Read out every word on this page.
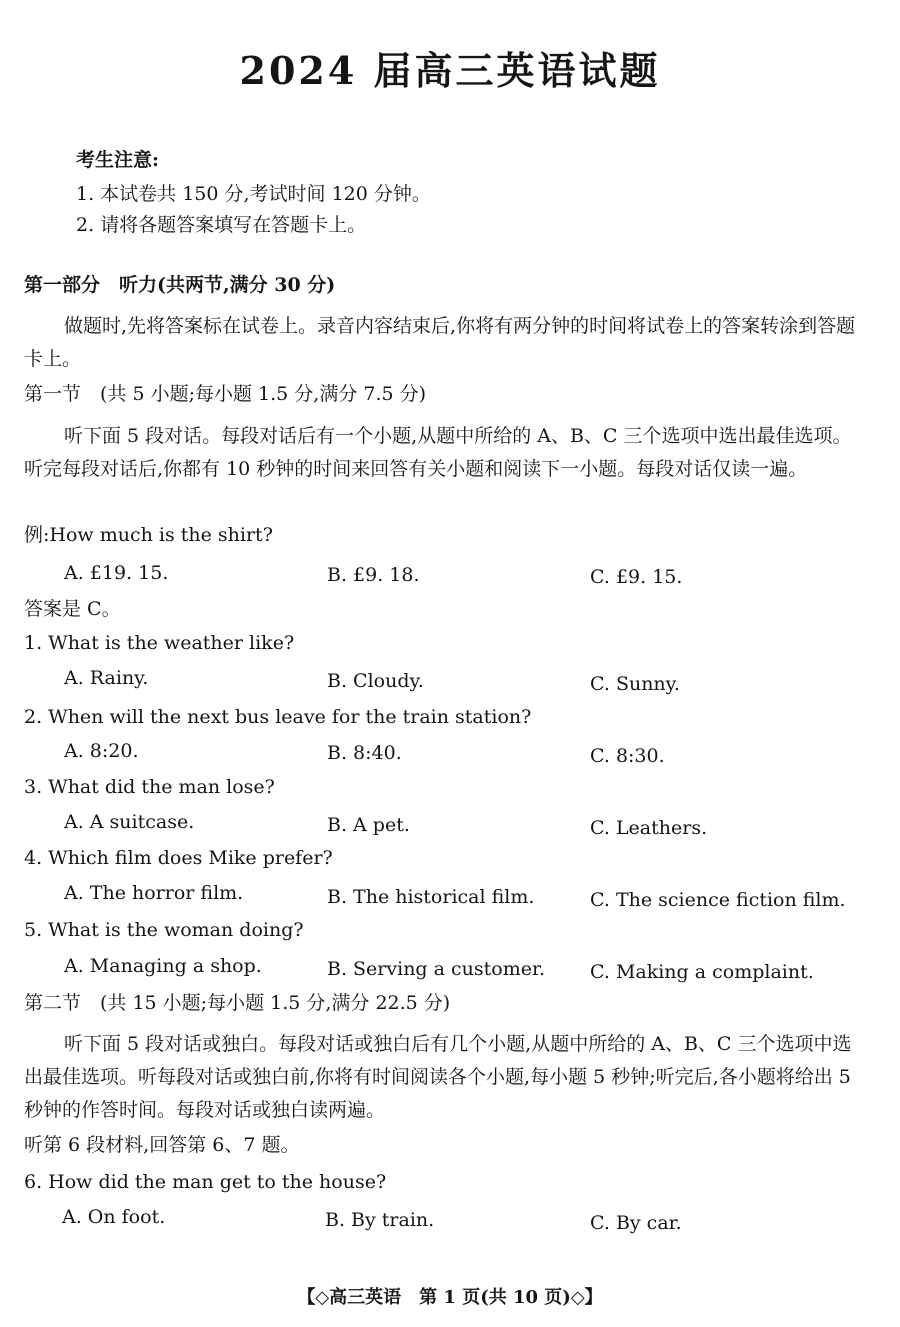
2024 届高三英语试题
考生注意:
1. 本试卷共 150 分,考试时间 120 分钟。
2. 请将各题答案填写在答题卡上。
第一部分　听力(共两节,满分 30 分)
做题时,先将答案标在试卷上。录音内容结束后,你将有两分钟的时间将试卷上的答案转涂到答题卡上。
第一节　(共 5 小题;每小题 1.5 分,满分 7.5 分)
听下面 5 段对话。每段对话后有一个小题,从题中所给的 A、B、C 三个选项中选出最佳选项。听完每段对话后,你都有 10 秒钟的时间来回答有关小题和阅读下一小题。每段对话仅读一遍。
例:How much is the shirt?
A. £19. 15.	B. £9. 18.	C. £9. 15.
答案是 C。
1. What is the weather like?
A. Rainy.	B. Cloudy.	C. Sunny.
2. When will the next bus leave for the train station?
A. 8:20.	B. 8:40.	C. 8:30.
3. What did the man lose?
A. A suitcase.	B. A pet.	C. Leathers.
4. Which film does Mike prefer?
A. The horror film.	B. The historical film.	C. The science fiction film.
5. What is the woman doing?
A. Managing a shop.	B. Serving a customer. C. Making a complaint.
第二节　(共 15 小题;每小题 1.5 分,满分 22.5 分)
听下面 5 段对话或独白。每段对话或独白后有几个小题,从题中所给的 A、B、C 三个选项中选出最佳选项。听每段对话或独白前,你将有时间阅读各个小题,每小题 5 秒钟;听完后,各小题将给出 5 秒钟的作答时间。每段对话或独白读两遍。
听第 6 段材料,回答第 6、7 题。
6. How did the man get to the house?
A. On foot.	B. By train.	C. By car.
【◇高三英语　第 1 页(共 10 页)◇】
